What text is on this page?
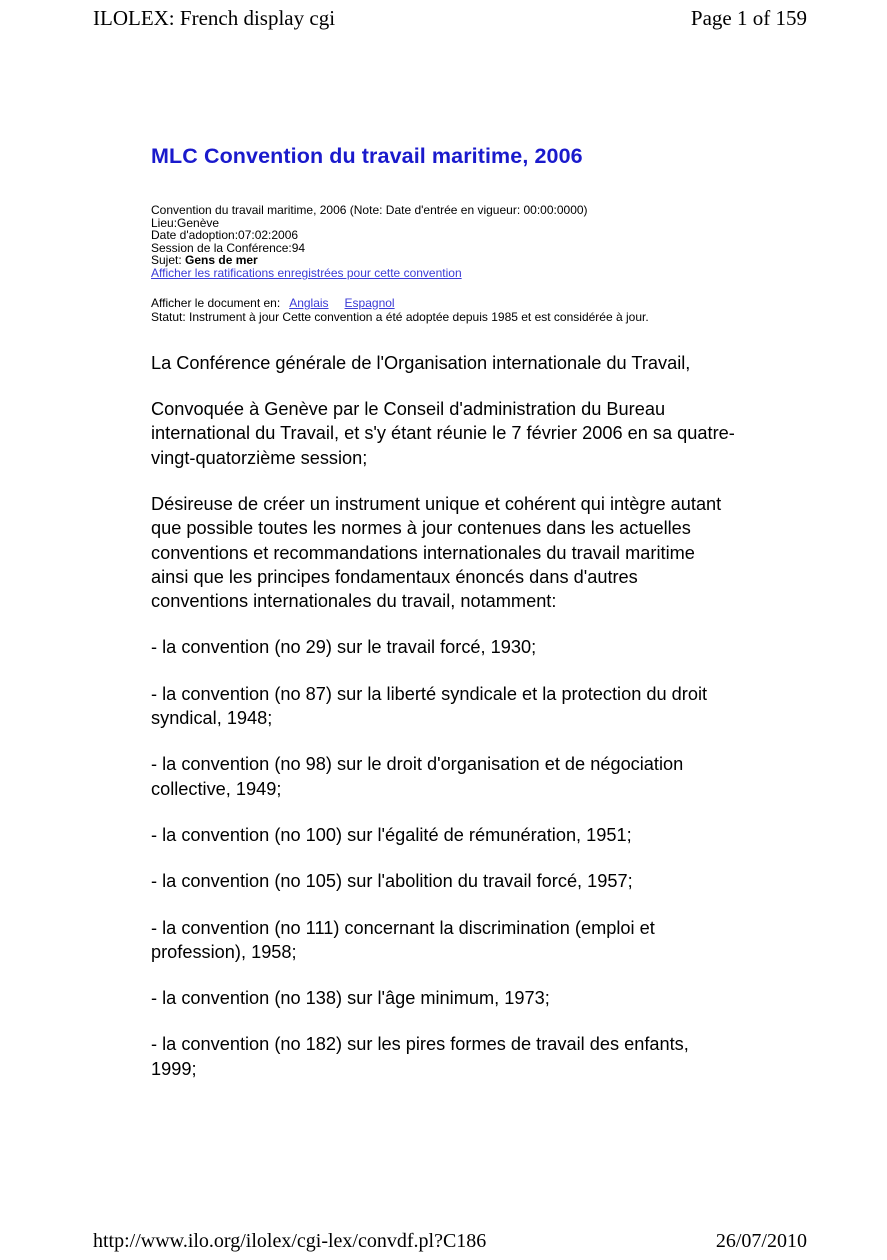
ILOLEX: French display cgi	Page 1 of 159
MLC Convention du travail maritime, 2006
Convention du travail maritime, 2006 (Note: Date d'entrée en vigueur: 00:00:0000)
Lieu:Genève
Date d'adoption:07:02:2006
Session de la Conférence:94
Sujet: Gens de mer
Afficher les ratifications enregistrées pour cette convention
Afficher le document en: Anglais Espagnol
Statut: Instrument à jour Cette convention a été adoptée depuis 1985 et est considérée à jour.

La Conférence générale de l'Organisation internationale du Travail,

Convoquée à Genève par le Conseil d'administration du Bureau international du Travail, et s'y étant réunie le 7 février 2006 en sa quatre-vingt-quatorzième session;

Désireuse de créer un instrument unique et cohérent qui intègre autant que possible toutes les normes à jour contenues dans les actuelles conventions et recommandations internationales du travail maritime ainsi que les principes fondamentaux énoncés dans d'autres conventions internationales du travail, notamment:

- la convention (no 29) sur le travail forcé, 1930;

- la convention (no 87) sur la liberté syndicale et la protection du droit syndical, 1948;

- la convention (no 98) sur le droit d'organisation et de négociation collective, 1949;

- la convention (no 100) sur l'égalité de rémunération, 1951;

- la convention (no 105) sur l'abolition du travail forcé, 1957;

- la convention (no 111) concernant la discrimination (emploi et profession), 1958;

- la convention (no 138) sur l'âge minimum, 1973;

- la convention (no 182) sur les pires formes de travail des enfants, 1999;

http://www.ilo.org/ilolex/cgi-lex/convdf.pl?C186	26/07/2010
